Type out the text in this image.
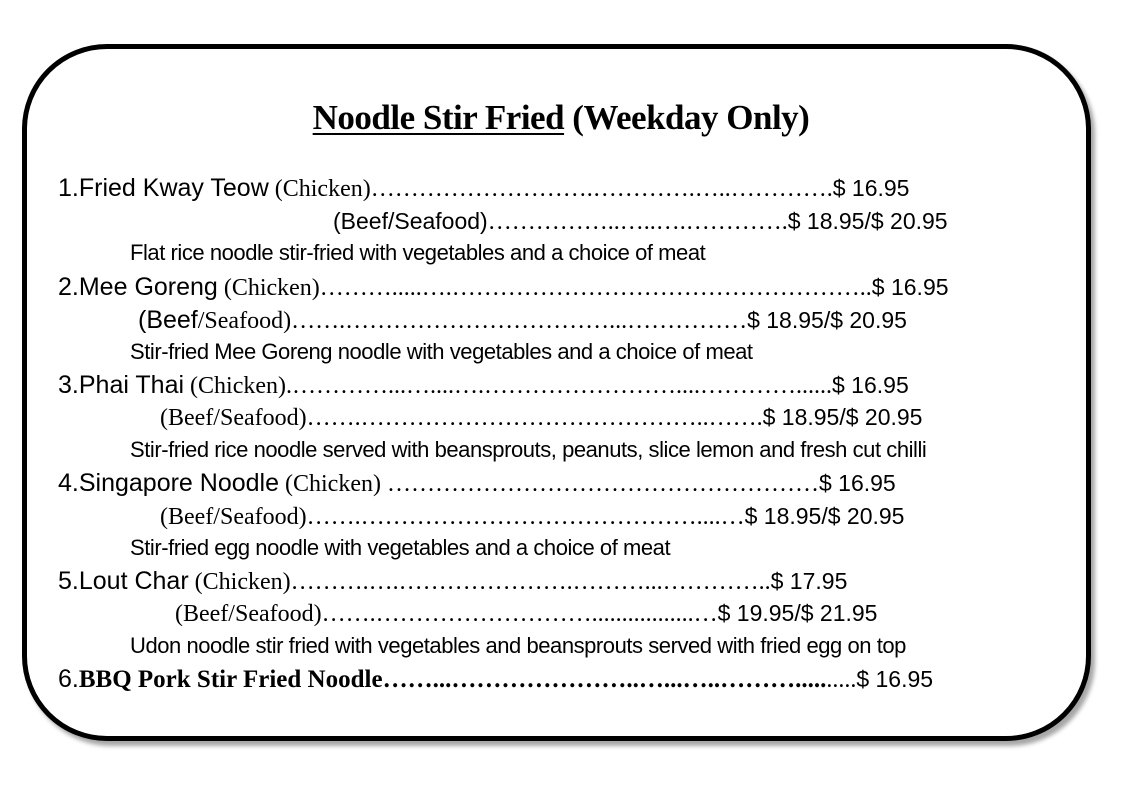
Noodle Stir Fried (Weekday Only)
1.Fried Kway Teow (Chicken)……………………….………….…..………….$ 16.95
(Beef/Seafood)……………..…..….………….$ 18.95/$ 20.95
Flat rice noodle stir-fried with vegetables and a choice of meat
2.Mee Goreng (Chicken)……….....….……………………………………………..$ 16.95
(Beef/Seafood)…….……………………………...……………$ 18.95/$ 20.95
Stir-fried Mee Goreng noodle with vegetables and a choice of meat
3.Phai Thai (Chicken).…………...…....….……………………....…………......$ 16.95
(Beef/Seafood)…….……………………………………..…….$ 18.95/$ 20.95
Stir-fried rice noodle served with beansprouts, peanuts, slice lemon and fresh cut chilli
4.Singapore Noodle (Chicken) ………………………………………………$ 16.95
(Beef/Seafood)…….……………………………………....…$ 18.95/$ 20.95
Stir-fried egg noodle with vegetables and a choice of meat
5.Lout Char (Chicken)……….….………………….………...…………..$ 17.95
(Beef/Seafood)…….……………………….................…$ 19.95/$ 21.95
Udon noodle stir fried with vegetables and beansprouts served with fried egg on top
6.BBQ Pork Stir Fried Noodle……...…………………..…...…..………..........$ 16.95
